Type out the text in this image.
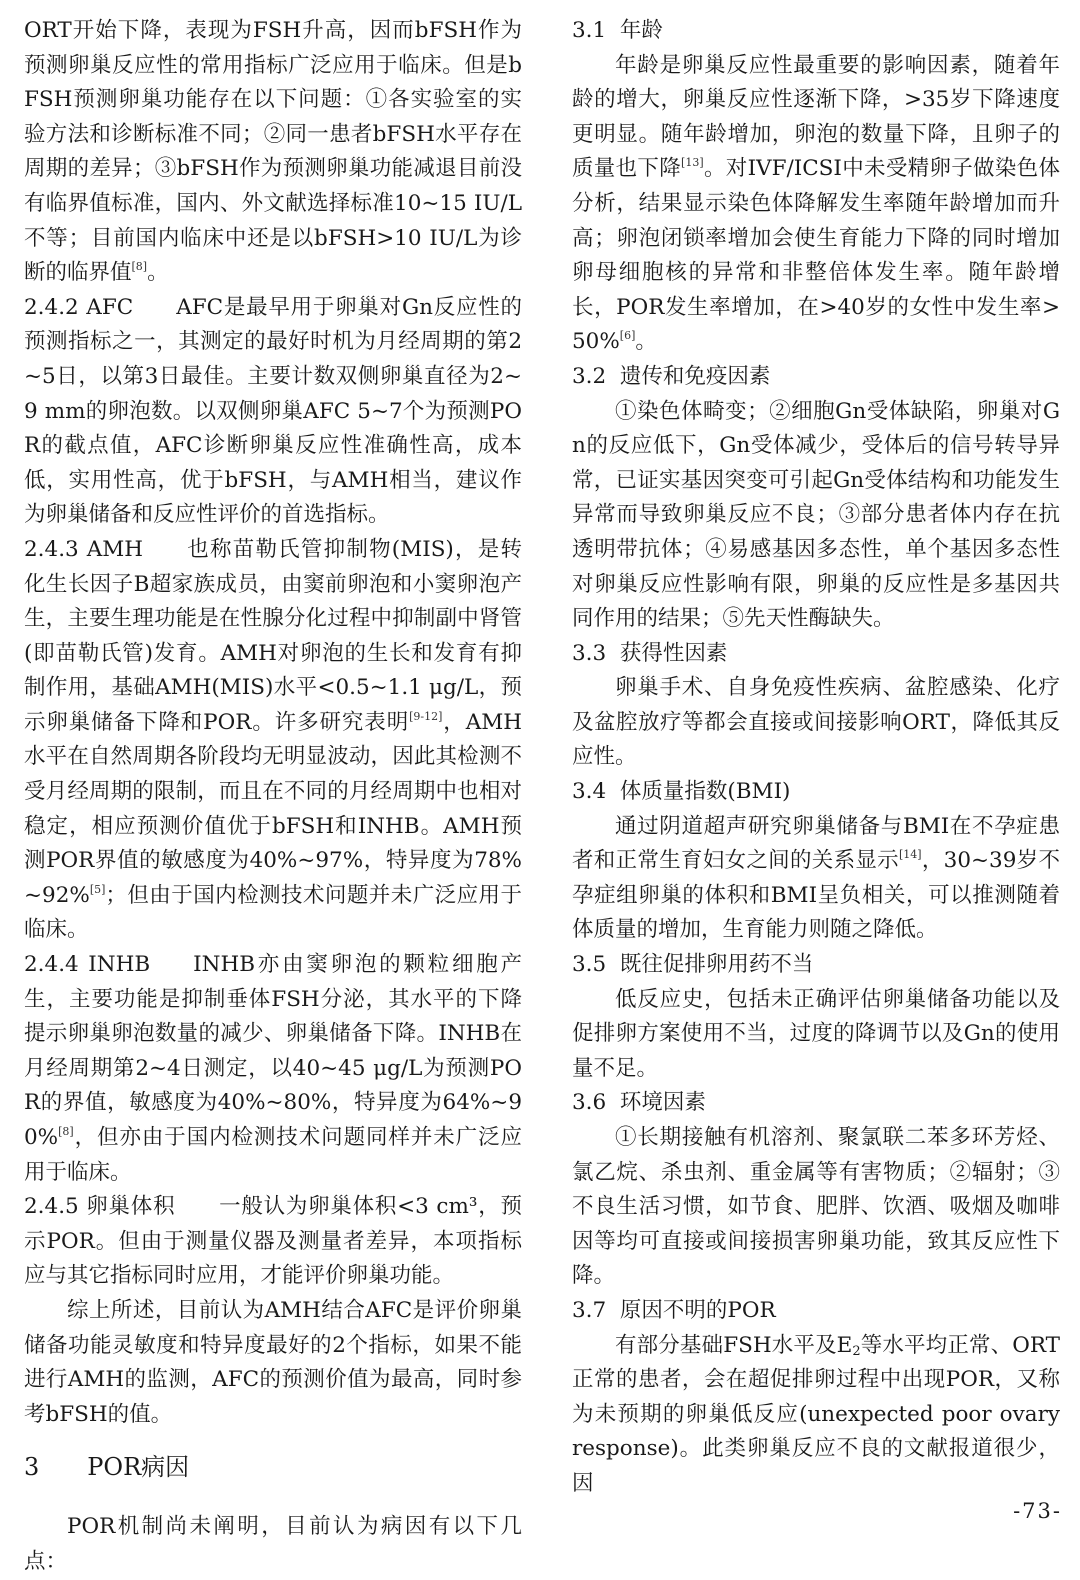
ORT开始下降，表现为FSH升高，因而bFSH作为预测卵巢反应性的常用指标广泛应用于临床。但是bFSH预测卵巢功能存在以下问题：①各实验室的实验方法和诊断标准不同；②同一患者bFSH水平存在周期的差异；③bFSH作为预测卵巢功能减退目前没有临界值标准，国内、外文献选择标准10~15 IU/L不等；目前国内临床中还是以bFSH>10 IU/L为诊断的临界值[8]。

2.4.2 AFC   AFC是最早用于卵巢对Gn反应性的预测指标之一，其测定的最好时机为月经周期的第2~5日，以第3日最佳。主要计数双侧卵巢直径为2~9 mm的卵泡数。以双侧卵巢AFC 5~7个为预测POR的截点值，AFC诊断卵巢反应性准确性高，成本低，实用性高，优于bFSH，与AMH相当，建议作为卵巢储备和反应性评价的首选指标。

2.4.3 AMH   也称苗勒氏管抑制物(MIS)，是转化生长因子B超家族成员，由窦前卵泡和小窦卵泡产生，主要生理功能是在性腺分化过程中抑制副中肾管(即苗勒氏管)发育。AMH对卵泡的生长和发育有抑制作用，基础AMH(MIS)水平<0.5~1.1 μg/L，预示卵巢储备下降和POR。许多研究表明[9-12]，AMH水平在自然周期各阶段均无明显波动，因此其检测不受月经周期的限制，而且在不同的月经周期中也相对稳定，相应预测价值优于bFSH和INHB。AMH预测POR界值的敏感度为40%~97%，特异度为78%~92%[5]；但由于国内检测技术问题并未广泛应用于临床。

2.4.4 INHB   INHB亦由窦卵泡的颗粒细胞产生，主要功能是抑制垂体FSH分泌，其水平的下降提示卵巢卵泡数量的减少、卵巢储备下降。INHB在月经周期第2~4日测定，以40~45 μg/L为预测POR的界值，敏感度为40%~80%，特异度为64%~90%[8]，但亦由于国内检测技术问题同样并未广泛应用于临床。

2.4.5 卵巢体积   一般认为卵巢体积<3 cm³，预示POR。但由于测量仪器及测量者差异，本项指标应与其它指标同时应用，才能评价卵巢功能。

综上所述，目前认为AMH结合AFC是评价卵巢储备功能灵敏度和特异度最好的2个指标，如果不能进行AMH的监测，AFC的预测价值为最高，同时参考bFSH的值。

3   POR病因

POR机制尚未阐明，目前认为病因有以下几点：

3.1  年龄

年龄是卵巢反应性最重要的影响因素，随着年龄的增大，卵巢反应性逐渐下降，>35岁下降速度更明显。随年龄增加，卵泡的数量下降，且卵子的质量也下降[13]。对IVF/ICSI中未受精卵子做染色体分析，结果显示染色体降解发生率随年龄增加而升高；卵泡闭锁率增加会使生育能力下降的同时增加卵母细胞核的异常和非整倍体发生率。随年龄增长，POR发生率增加，在>40岁的女性中发生率>50%[6]。

3.2  遗传和免疫因素

①染色体畸变；②细胞Gn受体缺陷，卵巢对Gn的反应低下，Gn受体减少，受体后的信号转导异常，已证实基因突变可引起Gn受体结构和功能发生异常而导致卵巢反应不良；③部分患者体内存在抗透明带抗体；④易感基因多态性，单个基因多态性对卵巢反应性影响有限，卵巢的反应性是多基因共同作用的结果；⑤先天性酶缺失。

3.3  获得性因素

卵巢手术、自身免疫性疾病、盆腔感染、化疗及盆腔放疗等都会直接或间接影响ORT，降低其反应性。

3.4  体质量指数(BMI)

通过阴道超声研究卵巢储备与BMI在不孕症患者和正常生育妇女之间的关系显示[14]，30~39岁不孕症组卵巢的体积和BMI呈负相关，可以推测随着体质量的增加，生育能力则随之降低。

3.5  既往促排卵用药不当

低反应史，包括未正确评估卵巢储备功能以及促排卵方案使用不当，过度的降调节以及Gn的使用量不足。

3.6  环境因素

①长期接触有机溶剂、聚氯联二苯多环芳烃、氯乙烷、杀虫剂、重金属等有害物质；②辐射；③不良生活习惯，如节食、肥胖、饮酒、吸烟及咖啡因等均可直接或间接损害卵巢功能，致其反应性下降。

3.7  原因不明的POR

有部分基础FSH水平及$E_2$等水平均正常、ORT正常的患者，会在超促排卵过程中出现POR，又称为未预期的卵巢低反应(unexpected poor ovary response)。此类卵巢反应不良的文献报道很少，因

-73-
